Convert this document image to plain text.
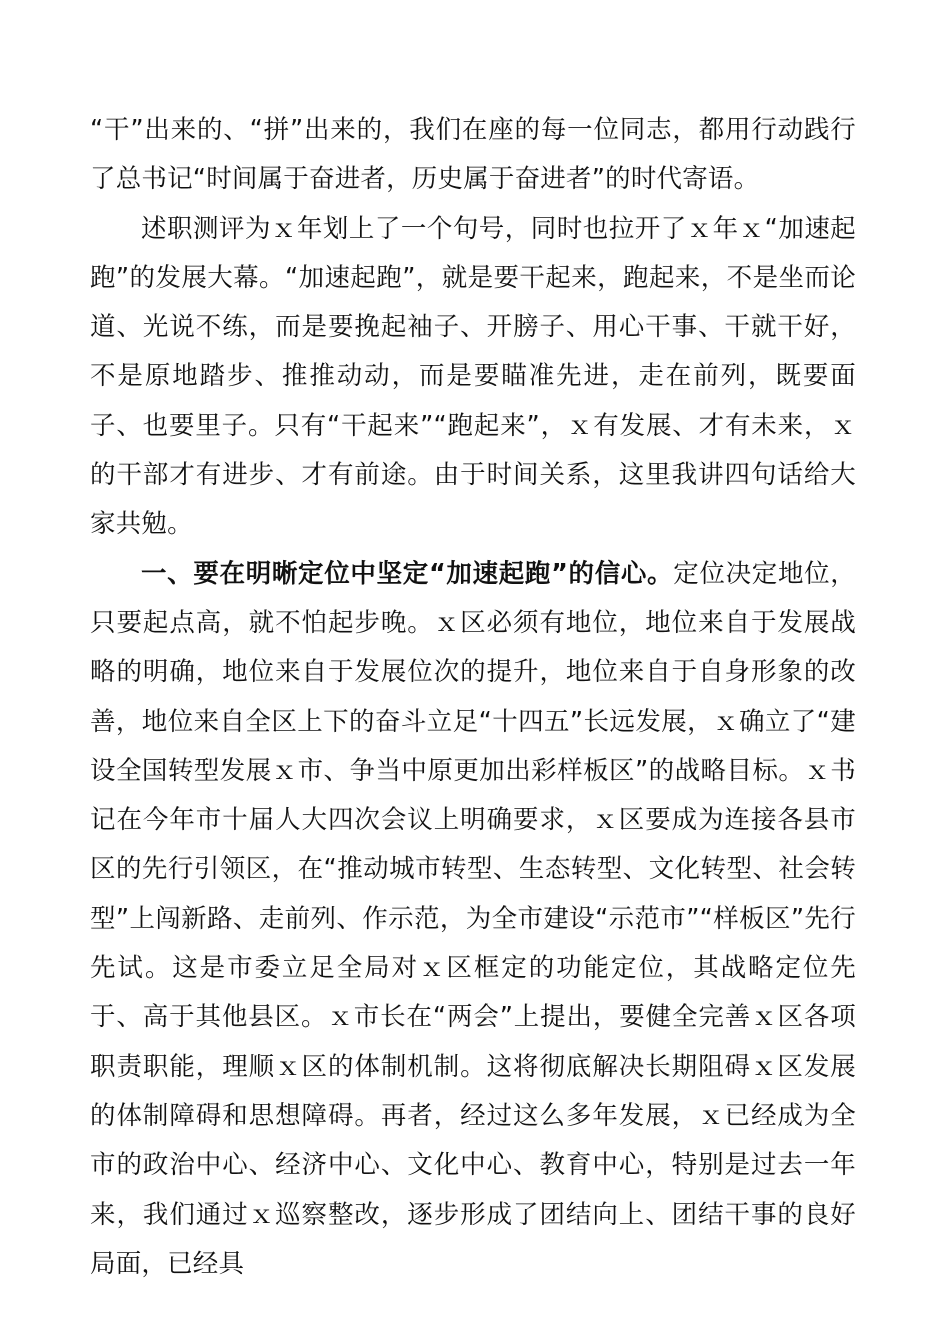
“干”出来的、“拼”出来的，我们在座的每一位同志，都用行动践行了总书记“时间属于奋进者，历史属于奋进者”的时代寄语。

述职测评为ｘ年划上了一个句号，同时也拉开了ｘ年ｘ“加速起跑”的发展大幕。“加速起跑”，就是要干起来，跑起来，不是坐而论道、光说不练，而是要挽起袖子、开膀子、用心干事、干就干好，不是原地踏步、推推动动，而是要瞄准先进，走在前列，既要面子、也要里子。只有“干起来”“跑起来”，ｘ有发展、才有未来，ｘ的干部才有进步、才有前途。由于时间关系，这里我讲四句话给大家共勉。

一、要在明晰定位中坚定“加速起跑”的信心。定位决定地位，只要起点高，就不怕起步晚。ｘ区必须有地位，地位来自于发展战略的明确，地位来自于发展位次的提升，地位来自于自身形象的改善，地位来自全区上下的奋斗立足“十四五”长远发展，ｘ确立了“建设全国转型发展ｘ市、争当中原更加出彩样板区”的战略目标。ｘ书记在今年市十届人大四次会议上明确要求，ｘ区要成为连接各县市区的先行引领区，在“推动城市转型、生态转型、文化转型、社会转型”上闯新路、走前列、作示范，为全市建设“示范市”“样板区”先行先试。这是市委立足全局对ｘ区框定的功能定位，其战略定位先于、高于其他县区。ｘ市长在“两会”上提出，要健全完善ｘ区各项职责职能，理顺ｘ区的体制机制。这将彻底解决长期阻碍ｘ区发展的体制障碍和思想障碍。再者，经过这么多年发展，ｘ已经成为全市的政治中心、经济中心、文化中心、教育中心，特别是过去一年来，我们通过ｘ巡察整改，逐步形成了团结向上、团结干事的良好局面，已经具
